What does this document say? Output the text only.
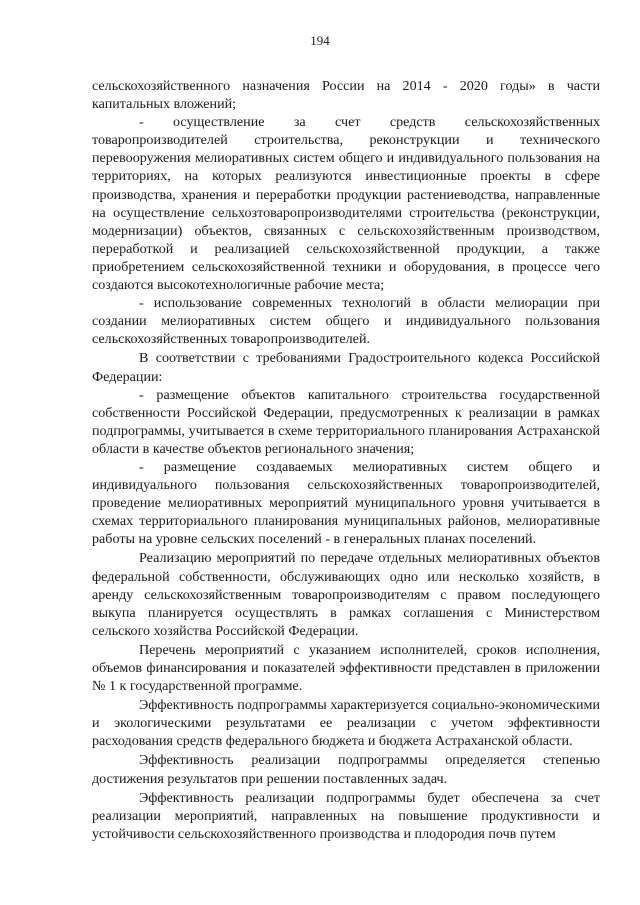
194

сельскохозяйственного назначения России на 2014 - 2020 годы» в части капитальных вложений;

- осуществление за счет средств сельскохозяйственных товаропроизводителей строительства, реконструкции и технического перевооружения мелиоративных систем общего и индивидуального пользования на территориях, на которых реализуются инвестиционные проекты в сфере производства, хранения и переработки продукции растениеводства, направленные на осуществление сельхозтоваропроизводителями строительства (реконструкции, модернизации) объектов, связанных с сельскохозяйственным производством, переработкой и реализацией сельскохозяйственной продукции, а также приобретением сельскохозяйственной техники и оборудования, в процессе чего создаются высокотехнологичные рабочие места;

- использование современных технологий в области мелиорации при создании мелиоративных систем общего и индивидуального пользования сельскохозяйственных товаропроизводителей.

В соответствии с требованиями Градостроительного кодекса Российской Федерации:

- размещение объектов капитального строительства государственной собственности Российской Федерации, предусмотренных к реализации в рамках подпрограммы, учитывается в схеме территориального планирования Астраханской области в качестве объектов регионального значения;

- размещение создаваемых мелиоративных систем общего и индивидуального пользования сельскохозяйственных товаропроизводителей, проведение мелиоративных мероприятий муниципального уровня учитывается в схемах территориального планирования муниципальных районов, мелиоративные работы на уровне сельских поселений - в генеральных планах поселений.

Реализацию мероприятий по передаче отдельных мелиоративных объектов федеральной собственности, обслуживающих одно или несколько хозяйств, в аренду сельскохозяйственным товаропроизводителям с правом последующего выкупа планируется осуществлять в рамках соглашения с Министерством сельского хозяйства Российской Федерации.

Перечень мероприятий с указанием исполнителей, сроков исполнения, объемов финансирования и показателей эффективности представлен в приложении № 1 к государственной программе.

Эффективность подпрограммы характеризуется социально-экономическими и экологическими результатами ее реализации с учетом эффективности расходования средств федерального бюджета и бюджета Астраханской области.

Эффективность реализации подпрограммы определяется степенью достижения результатов при решении поставленных задач.

Эффективность реализации подпрограммы будет обеспечена за счет реализации мероприятий, направленных на повышение продуктивности и устойчивости сельскохозяйственного производства и плодородия почв путем
